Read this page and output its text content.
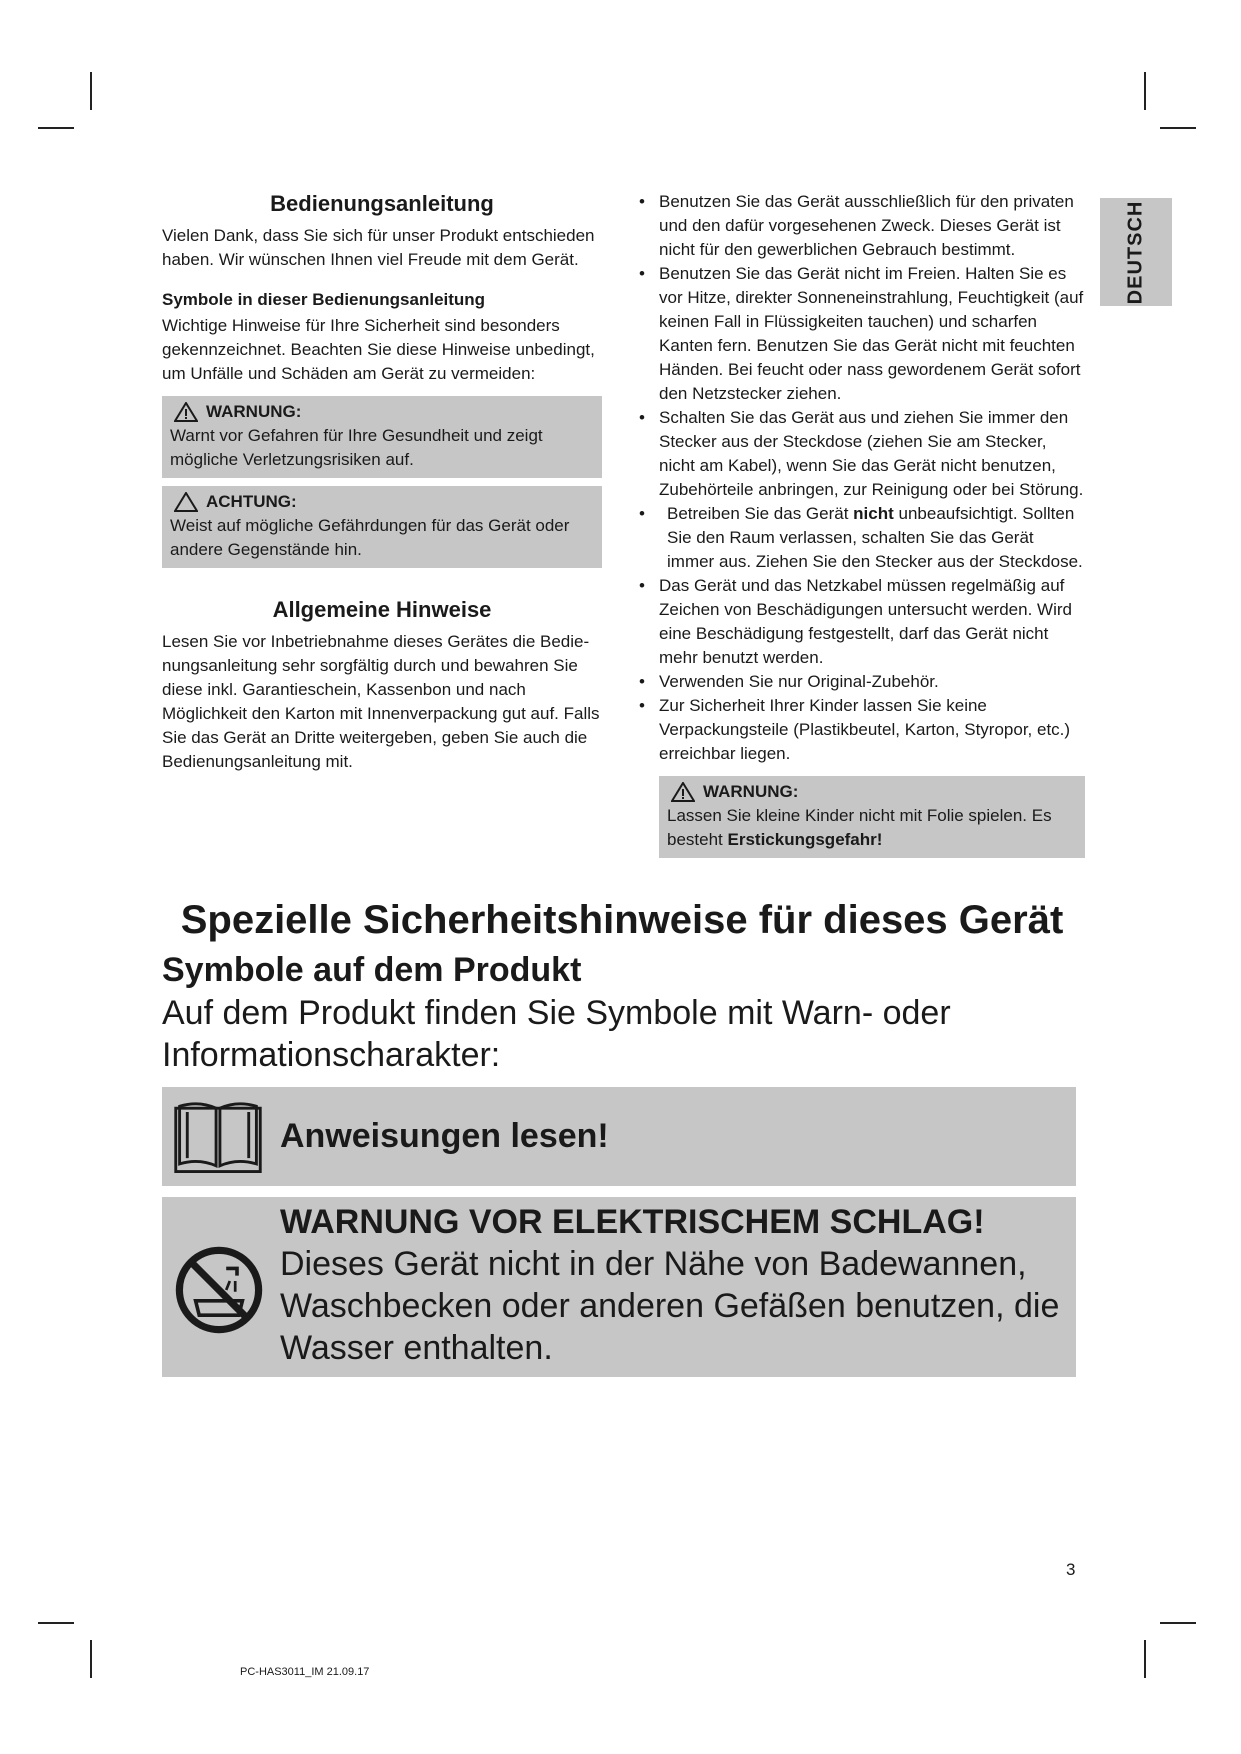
DEUTSCH
Bedienungsanleitung

Vielen Dank, dass Sie sich für unser Produkt entschieden haben. Wir wünschen Ihnen viel Freude mit dem Gerät.

Symbole in dieser Bedienungsanleitung

Wichtige Hinweise für Ihre Sicherheit sind besonders gekennzeichnet. Beachten Sie diese Hinweise unbedingt, um Unfälle und Schäden am Gerät zu vermeiden:

WARNUNG:

Warnt vor Gefahren für Ihre Gesundheit und zeigt mögliche Verletzungsrisiken auf.

ACHTUNG:

Weist auf mögliche Gefährdungen für das Gerät oder andere Gegenstände hin.

Allgemeine Hinweise

Lesen Sie vor Inbetriebnahme dieses Gerätes die Bedienungsanleitung sehr sorgfältig durch und bewahren Sie diese inkl. Garantieschein, Kassenbon und nach Möglichkeit den Karton mit Innenverpackung gut auf. Falls Sie das Gerät an Dritte weitergeben, geben Sie auch die Bedienungsanleitung mit.

• Benutzen Sie das Gerät ausschließlich für den privaten und den dafür vorgesehenen Zweck. Dieses Gerät ist nicht für den gewerblichen Gebrauch bestimmt.
• Benutzen Sie das Gerät nicht im Freien. Halten Sie es vor Hitze, direkter Sonneneinstrahlung, Feuchtigkeit (auf keinen Fall in Flüssigkeiten tauchen) und scharfen Kanten fern. Benutzen Sie das Gerät nicht mit feuchten Händen. Bei feucht oder nass gewordenem Gerät sofort den Netzstecker ziehen.
• Schalten Sie das Gerät aus und ziehen Sie immer den Stecker aus der Steckdose (ziehen Sie am Stecker, nicht am Kabel), wenn Sie das Gerät nicht benutzen, Zubehörteile anbringen, zur Reinigung oder bei Störung.
• Betreiben Sie das Gerät nicht unbeaufsichtigt. Sollten Sie den Raum verlassen, schalten Sie das Gerät immer aus. Ziehen Sie den Stecker aus der Steckdose.
• Das Gerät und das Netzkabel müssen regelmäßig auf Zeichen von Beschädigungen untersucht werden. Wird eine Beschädigung festgestellt, darf das Gerät nicht mehr benutzt werden.
• Verwenden Sie nur Original-Zubehör.
• Zur Sicherheit Ihrer Kinder lassen Sie keine Verpackungsteile (Plastikbeutel, Karton, Styropor, etc.) erreichbar liegen.
WARNUNG:

Lassen Sie kleine Kinder nicht mit Folie spielen. Es besteht Erstickungsgefahr!

Spezielle Sicherheitshinweise für dieses Gerät
Symbole auf dem Produkt

Auf dem Produkt finden Sie Symbole mit Warn- oder Informationscharakter:

Anweisungen lesen!
WARNUNG VOR ELEKTRISCHEM SCHLAG!
Dieses Gerät nicht in der Nähe von Badewannen, Waschbecken oder anderen Gefäßen benutzen, die Wasser enthalten.
3
PC-HAS3011_IM 21.09.17
